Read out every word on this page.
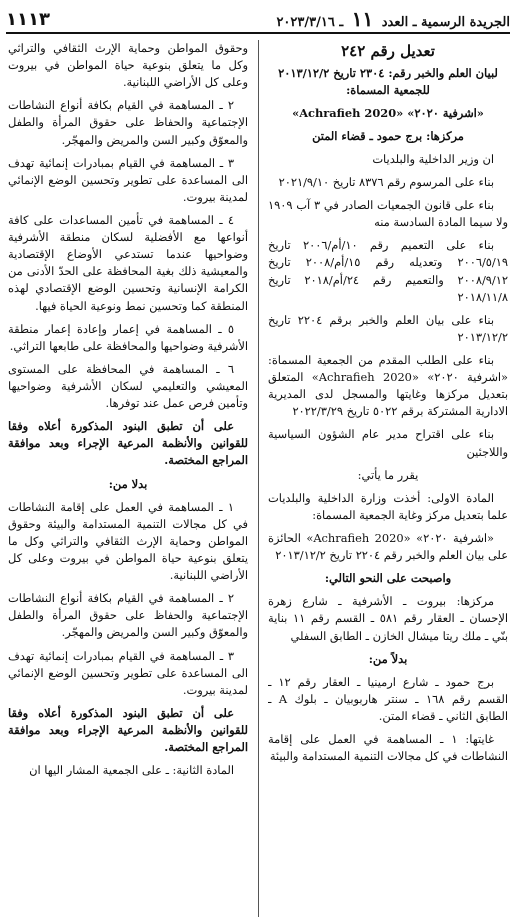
الجريدة الرسمية ـ العدد ١١ ـ ٢٠٢٣/٣/١٦
١١١٣
تعديل رقم ٢٤٢

لبيان العلم والخبر رقم: ٢٣٠٤ تاريخ ٢٠١٣/١٢/٢ للجمعية المسماة:

«اشرفية ٢٠٢٠» «Achrafieh 2020»

مركزها: برج حمود ـ قضاء المتن

ان وزير الداخلية والبلديات

بناء على المرسوم رقم ٨٣٧٦ تاريخ ٢٠٢١/٩/١٠

بناء على قانون الجمعيات الصادر في ٣ آب ١٩٠٩ ولا سيما المادة السادسة منه

بناء على التعميم رقم ١٠/أم/٢٠٠٦ تاريخ ٢٠٠٦/٥/١٩ وتعديله رقم ١٥/أم/٢٠٠٨ تاريخ ٢٠٠٨/٩/١٢ والتعميم رقم ٢٤/أم/٢٠١٨ تاريخ ٢٠١٨/١١/٨

بناء على بيان العلم والخبر برقم ٢٢٠٤ تاريخ ٢٠١٣/١٢/٢

بناء على الطلب المقدم من الجمعية المسماة: «اشرفية ٢٠٢٠» «Achrafieh 2020» المتعلق بتعديل مركزها وغايتها والمسجل لدى المديرية الادارية المشتركة برقم ٥٠٢٢ تاريخ ٢٠٢٢/٣/٢٩

بناء على اقتراح مدير عام الشؤون السياسية واللاجئين

يقرر ما يأتي:

المادة الاولى: أخذت وزارة الداخلية والبلديات علما بتعديل مركز وغاية الجمعية المسماة:

«اشرفية ٢٠٢٠» «Achrafieh 2020» الحائزة على بيان العلم والخبر رقم ٢٢٠٤ تاريخ ٢٠١٣/١٢/٢

واصبحت على النحو التالي:

مركزها: بيروت ـ الأشرفية ـ شارع زهرة الإحسان ـ العقار رقم ٥٨١ ـ القسم رقم ١١ بناية بنّي ـ ملك ريتا ميشال الخازن ـ الطابق السفلي

بدلاً من:

برج حمود ـ شارع ارمينيا ـ العقار رقم ١٢ ـ القسم رقم ١٦٨ ـ سنتر هاربوبيان ـ بلوك A ـ الطابق الثاني ـ قضاء المتن.

غايتها: ١ ـ المساهمة في العمل على إقامة النشاطات في كل مجالات التنمية المستدامة والبيئة

وحقوق المواطن وحماية الإرث الثقافي والتراثي وكل ما يتعلق بنوعية حياة المواطن في بيروت وعلى كل الأراضي اللبنانية.

٢ ـ المساهمة في القيام بكافة أنواع النشاطات الإجتماعية والحفاظ على حقوق المرأة والطفل والمعوّق وكبير السن والمريض والمهجّر.

٣ ـ المساهمة في القيام بمبادرات إنمائية تهدف الى المساعدة على تطوير وتحسين الوضع الإنمائي لمدينة بيروت.

٤ ـ المساهمة في تأمين المساعدات على كافة أنواعها مع الأفضلية لسكان منطقة الأشرفية وضواحيها عندما تستدعي الأوضاع الإقتصادية والمعيشية ذلك بغية المحافظة على الحدّ الأدنى من الكرامة الإنسانية وتحسين الوضع الإقتصادي لهذه المنطقة كما وتحسين نمط ونوعية الحياة فيها.

٥ ـ المساهمة في إعمار وإعادة إعمار منطقة الأشرفية وضواحيها والمحافظة على طابعها التراثي.

٦ ـ المساهمة في المحافظة على المستوى المعيشي والتعليمي لسكان الأشرفية وضواحيها وتأمين فرص عمل عند توفرها.

على أن تطبق البنود المذكورة أعلاه وفقا للقوانين والأنظمة المرعية الإجراء وبعد موافقة المراجع المختصة.

بدلا من:

١ ـ المساهمة في العمل على إقامة النشاطات في كل مجالات التنمية المستدامة والبيئة وحقوق المواطن وحماية الإرث الثقافي والتراثي وكل ما يتعلق بنوعية حياة المواطن في بيروت وعلى كل الأراضي اللبنانية.

٢ ـ المساهمة في القيام بكافة أنواع النشاطات الإجتماعية والحفاظ على حقوق المرأة والطفل والمعوّق وكبير السن والمريض والمهجّر.

٣ ـ المساهمة في القيام بمبادرات إنمائية تهدف الى المساعدة على تطوير وتحسين الوضع الإنمائي لمدينة بيروت.

على أن تطبق البنود المذكورة أعلاه وفقا للقوانين والأنظمة المرعية الإجراء وبعد موافقة المراجع المختصة.

المادة الثانية: ـ على الجمعية المشار اليها ان
